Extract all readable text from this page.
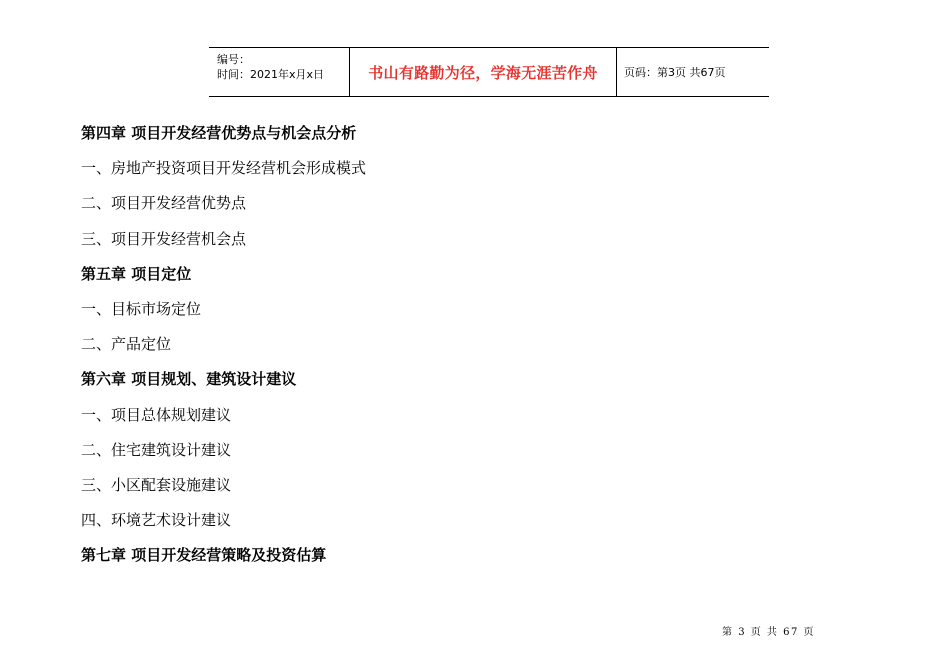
编号：
时间：2021年x月x日	书山有路勤为径，学海无涯苦作舟	页码：第3页 共67页
第四章 项目开发经营优势点与机会点分析
一、房地产投资项目开发经营机会形成模式
二、项目开发经营优势点
三、项目开发经营机会点
第五章 项目定位
一、目标市场定位
二、产品定位
第六章 项目规划、建筑设计建议
一、项目总体规划建议
二、住宅建筑设计建议
三、小区配套设施建议
四、环境艺术设计建议
第七章 项目开发经营策略及投资估算
第 3 页 共 67 页
